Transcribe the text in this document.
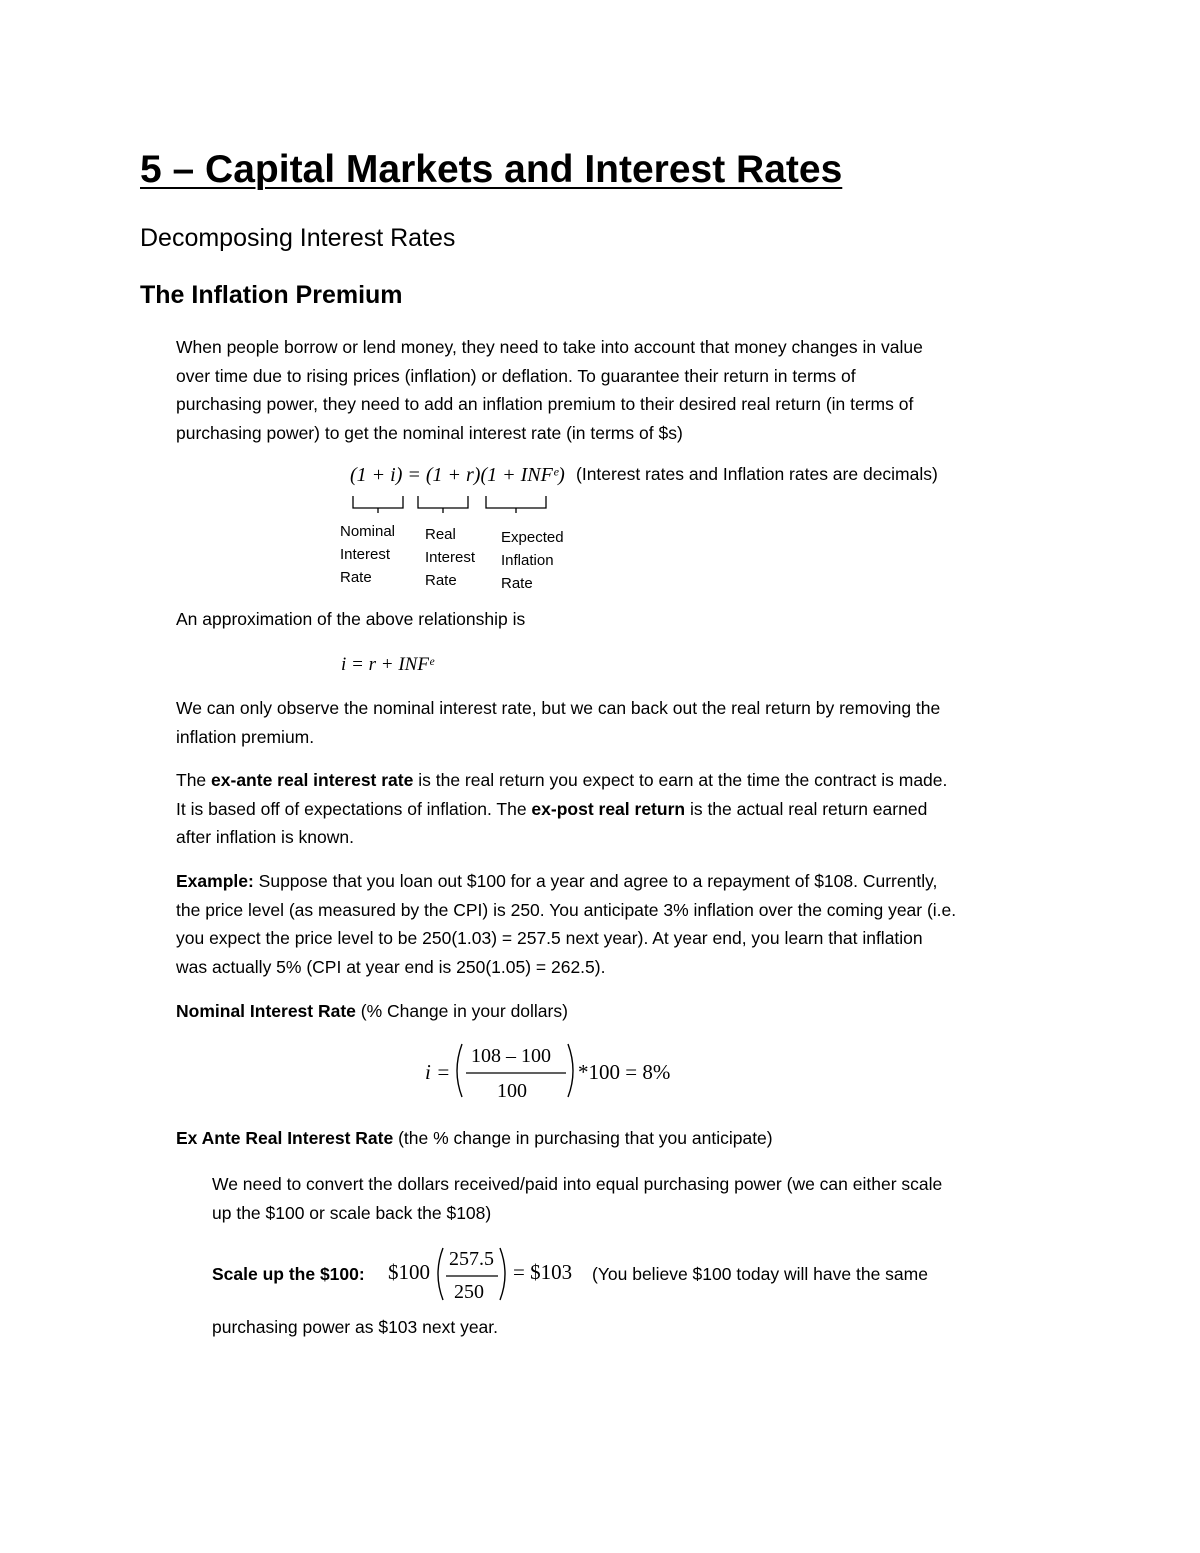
5 – Capital Markets and Interest Rates
Decomposing Interest Rates
The Inflation Premium
When people borrow or lend money, they need to take into account that money changes in value
over time due to rising prices (inflation) or deflation. To guarantee their return in terms of
purchasing power, they need to add an inflation premium to their desired real return (in terms of
purchasing power) to get the nominal interest rate (in terms of $s)
(1 + i) = (1 + r)(1 + INFᵉ) (Interest rates and Inflation rates are decimals)
Nominal
Interest
Rate
Real
Interest
Rate
Expected
Inflation
Rate
An approximation of the above relationship is
i = r + INFᵉ
We can only observe the nominal interest rate, but we can back out the real return by removing the
inflation premium.
The ex-ante real interest rate is the real return you expect to earn at the time the contract is made.
It is based off of expectations of inflation. The ex-post real return is the actual real return earned
after inflation is known.
Example: Suppose that you loan out $100 for a year and agree to a repayment of $108. Currently,
the price level (as measured by the CPI) is 250. You anticipate 3% inflation over the coming year (i.e.
you expect the price level to be 250(1.03) = 257.5 next year). At year end, you learn that inflation
was actually 5% (CPI at year end is 250(1.05) = 262.5).
Nominal Interest Rate (% Change in your dollars)
i =
108 – 100
100
*100 = 8%
Ex Ante Real Interest Rate (the % change in purchasing that you anticipate)
We need to convert the dollars received/paid into equal purchasing power (we can either scale
up the $100 or scale back the $108)
Scale up the $100: $100
257.5
250
= $103 (You believe $100 today will have the same
purchasing power as $103 next year.
